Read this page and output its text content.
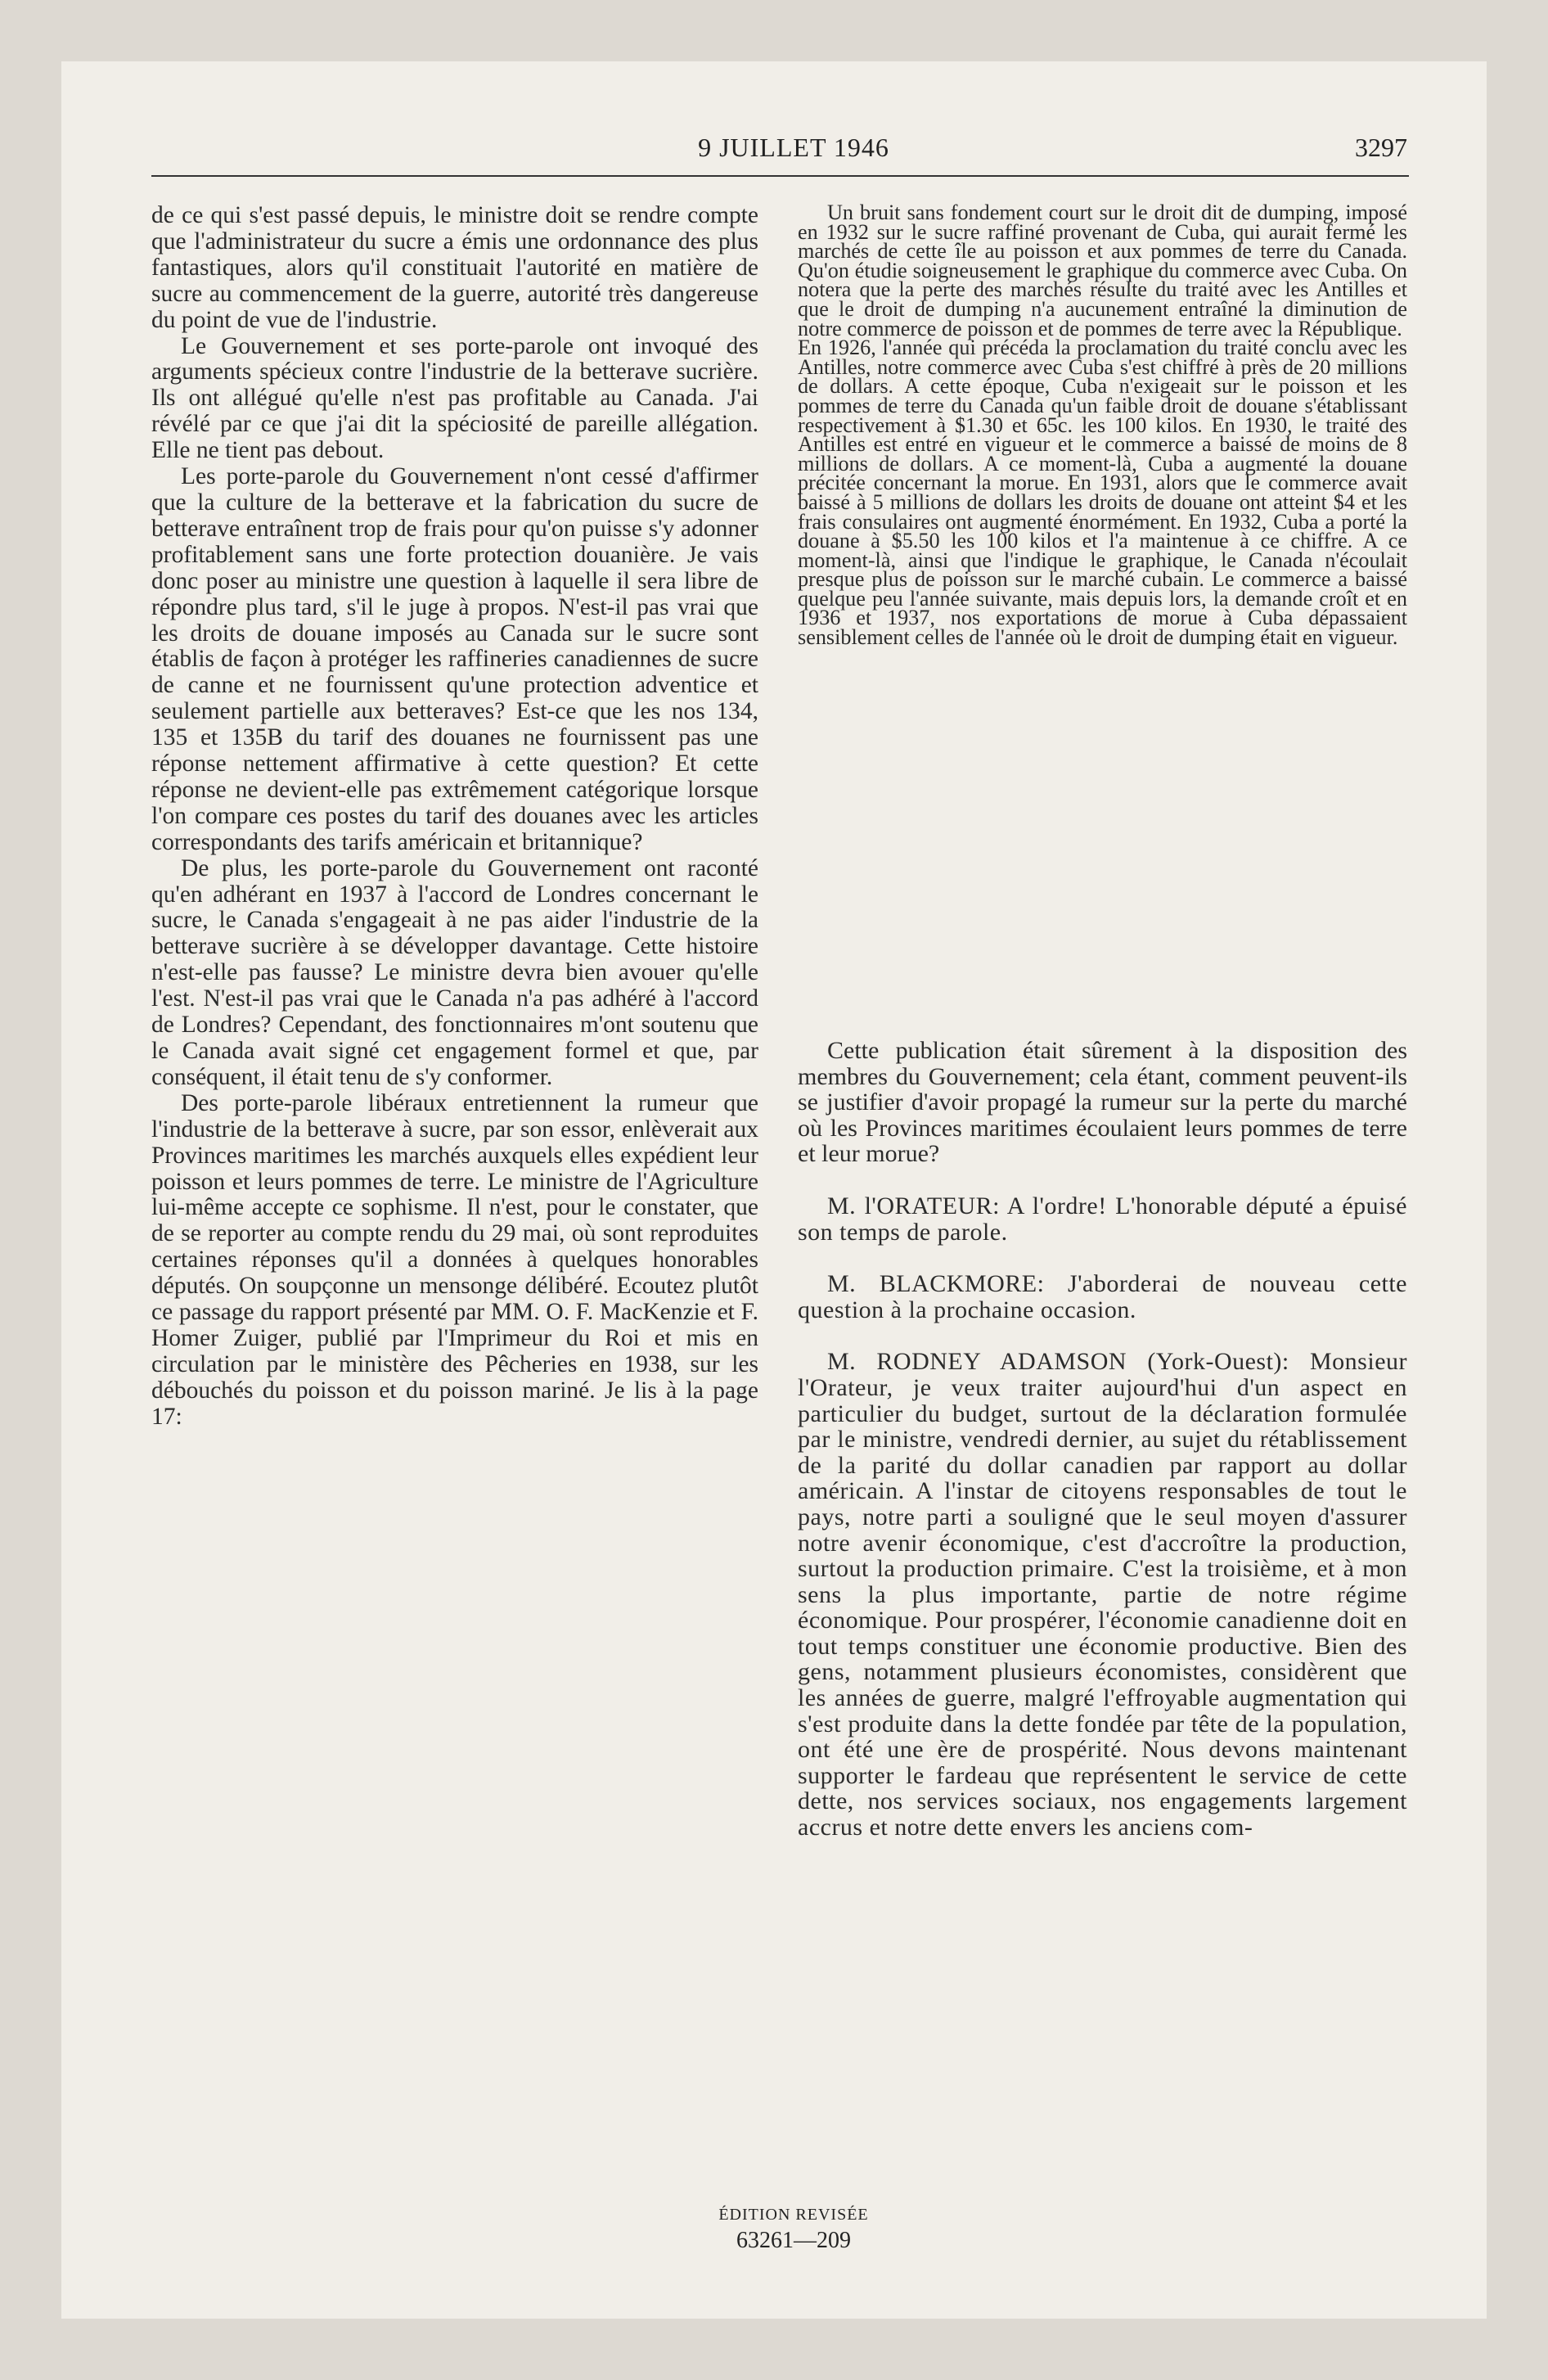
9 JUILLET 1946	3297

de ce qui s'est passé depuis, le ministre doit se rendre compte que l'administrateur du sucre a émis une ordonnance des plus fantastiques, alors qu'il constituait l'autorité en matière de sucre au commencement de la guerre, autorité très dangereuse du point de vue de l'industrie.

Le Gouvernement et ses porte-parole ont invoqué des arguments spécieux contre l'industrie de la betterave sucrière. Ils ont allégué qu'elle n'est pas profitable au Canada. J'ai révélé par ce que j'ai dit la spéciosité de pareille allégation. Elle ne tient pas debout.

Les porte-parole du Gouvernement n'ont cessé d'affirmer que la culture de la betterave et la fabrication du sucre de betterave entraînent trop de frais pour qu'on puisse s'y adonner profitablement sans une forte protection douanière. Je vais donc poser au ministre une question à laquelle il sera libre de répondre plus tard, s'il le juge à propos. N'est-il pas vrai que les droits de douane imposés au Canada sur le sucre sont établis de façon à protéger les raffineries canadiennes de sucre de canne et ne fournissent qu'une protection adventice et seulement partielle aux betteraves? Est-ce que les nos 134, 135 et 135B du tarif des douanes ne fournissent pas une réponse nettement affirmative à cette question? Et cette réponse ne devient-elle pas extrêmement catégorique lorsque l'on compare ces postes du tarif des douanes avec les articles correspondants des tarifs américain et britannique?

De plus, les porte-parole du Gouvernement ont raconté qu'en adhérant en 1937 à l'accord de Londres concernant le sucre, le Canada s'engageait à ne pas aider l'industrie de la betterave sucrière à se développer davantage. Cette histoire n'est-elle pas fausse? Le ministre devra bien avouer qu'elle l'est. N'est-il pas vrai que le Canada n'a pas adhéré à l'accord de Londres? Cependant, des fonctionnaires m'ont soutenu que le Canada avait signé cet engagement formel et que, par conséquent, il était tenu de s'y conformer.

Des porte-parole libéraux entretiennent la rumeur que l'industrie de la betterave à sucre, par son essor, enlèverait aux Provinces maritimes les marchés auxquels elles expédient leur poisson et leurs pommes de terre. Le ministre de l'Agriculture lui-même accepte ce sophisme. Il n'est, pour le constater, que de se reporter au compte rendu du 29 mai, où sont reproduites certaines réponses qu'il a données à quelques honorables députés. On soupçonne un mensonge délibéré. Ecoutez plutôt ce passage du rapport présenté par MM. O. F. MacKenzie et F. Homer Zuiger, publié par l'Imprimeur du Roi et mis en circulation par le ministère des Pêcheries en 1938, sur les débouchés du poisson et du poisson mariné. Je lis à la page 17:

Un bruit sans fondement court sur le droit dit de dumping, imposé en 1932 sur le sucre raffiné provenant de Cuba, qui aurait fermé les marchés de cette île au poisson et aux pommes de terre du Canada. Qu'on étudie soigneusement le graphique du commerce avec Cuba. On notera que la perte des marchés résulte du traité avec les Antilles et que le droit de dumping n'a aucunement entraîné la diminution de notre commerce de poisson et de pommes de terre avec la République.

En 1926, l'année qui précéda la proclamation du traité conclu avec les Antilles, notre commerce avec Cuba s'est chiffré à près de 20 millions de dollars. A cette époque, Cuba n'exigeait sur le poisson et les pommes de terre du Canada qu'un faible droit de douane s'établissant respectivement à $1.30 et 65c. les 100 kilos. En 1930, le traité des Antilles est entré en vigueur et le commerce a baissé de moins de 8 millions de dollars. A ce moment-là, Cuba a augmenté la douane précitée concernant la morue. En 1931, alors que le commerce avait baissé à 5 millions de dollars les droits de douane ont atteint $4 et les frais consulaires ont augmenté énormément. En 1932, Cuba a porté la douane à $5.50 les 100 kilos et l'a maintenue à ce chiffre. A ce moment-là, ainsi que l'indique le graphique, le Canada n'écoulait presque plus de poisson sur le marché cubain. Le commerce a baissé quelque peu l'année suivante, mais depuis lors, la demande croît et en 1936 et 1937, nos exportations de morue à Cuba dépassaient sensiblement celles de l'année où le droit de dumping était en vigueur.

Cette publication était sûrement à la disposition des membres du Gouvernement; cela étant, comment peuvent-ils se justifier d'avoir propagé la rumeur sur la perte du marché où les Provinces maritimes écoulaient leurs pommes de terre et leur morue?

M. l'ORATEUR: A l'ordre! L'honorable député a épuisé son temps de parole.

M. BLACKMORE: J'aborderai de nouveau cette question à la prochaine occasion.

M. RODNEY ADAMSON (York-Ouest): Monsieur l'Orateur, je veux traiter aujourd'hui d'un aspect en particulier du budget, surtout de la déclaration formulée par le ministre, vendredi dernier, au sujet du rétablissement de la parité du dollar canadien par rapport au dollar américain. A l'instar de citoyens responsables de tout le pays, notre parti a souligné que le seul moyen d'assurer notre avenir économique, c'est d'accroître la production, surtout la production primaire. C'est la troisième, et à mon sens la plus importante, partie de notre régime économique. Pour prospérer, l'économie canadienne doit en tout temps constituer une économie productive. Bien des gens, notamment plusieurs économistes, considèrent que les années de guerre, malgré l'effroyable augmentation qui s'est produite dans la dette fondée par tête de la population, ont été une ère de prospérité. Nous devons maintenant supporter le fardeau que représentent le service de cette dette, nos services sociaux, nos engagements largement accrus et notre dette envers les anciens com-

ÉDITION REVISÉE
63261—209
